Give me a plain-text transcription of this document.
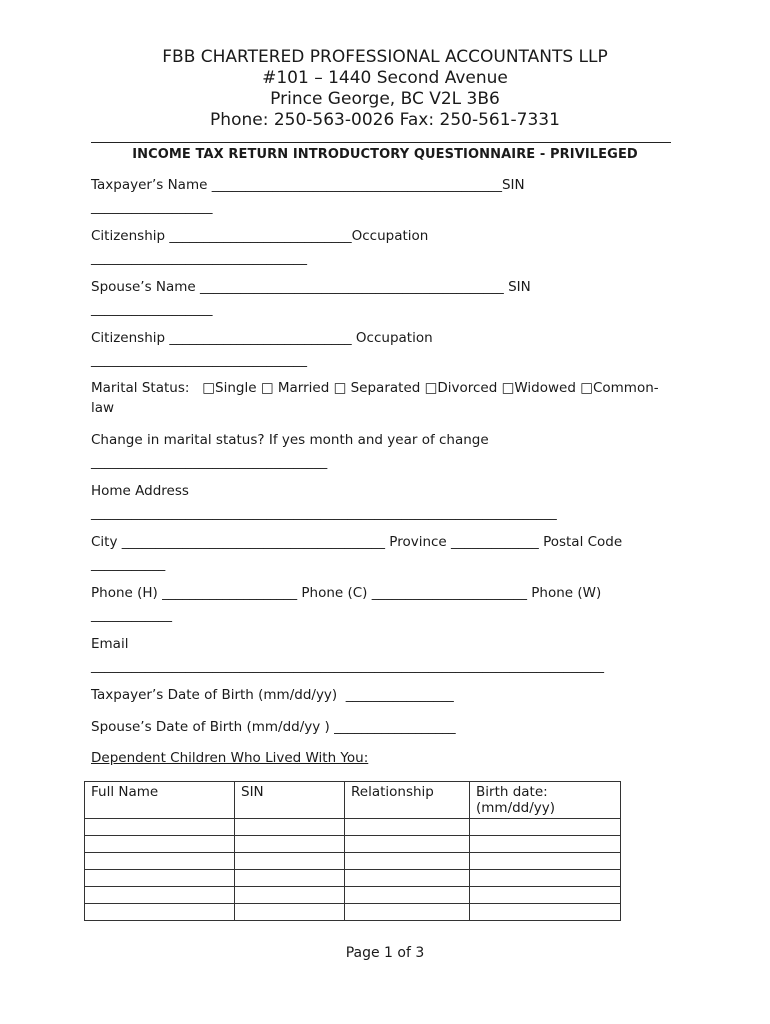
FBB CHARTERED PROFESSIONAL ACCOUNTANTS LLP
#101 – 1440 Second Avenue
Prince George, BC V2L 3B6
Phone: 250-563-0026 Fax: 250-561-7331
INCOME TAX RETURN INTRODUCTORY QUESTIONNAIRE - PRIVILEGED
Taxpayer’s Name ___________________________________________SIN
__________________
Citizenship ___________________________Occupation
________________________________
Spouse’s Name _____________________________________________ SIN
__________________
Citizenship ___________________________ Occupation
________________________________
Marital Status:   □Single □ Married □ Separated □Divorced □Widowed □Common-
law
Change in marital status? If yes month and year of change
___________________________________
Home Address
_____________________________________________________________________
City _______________________________________ Province _____________ Postal Code
___________
Phone (H) ____________________ Phone (C) _______________________ Phone (W)
____________
Email
____________________________________________________________________________
Taxpayer’s Date of Birth (mm/dd/yy)  ________________
Spouse’s Date of Birth (mm/dd/yy ) __________________
Dependent Children Who Lived With You:
Full Name	SIN	Relationship	Birth date: (mm/dd/yy)

Page 1 of 3
